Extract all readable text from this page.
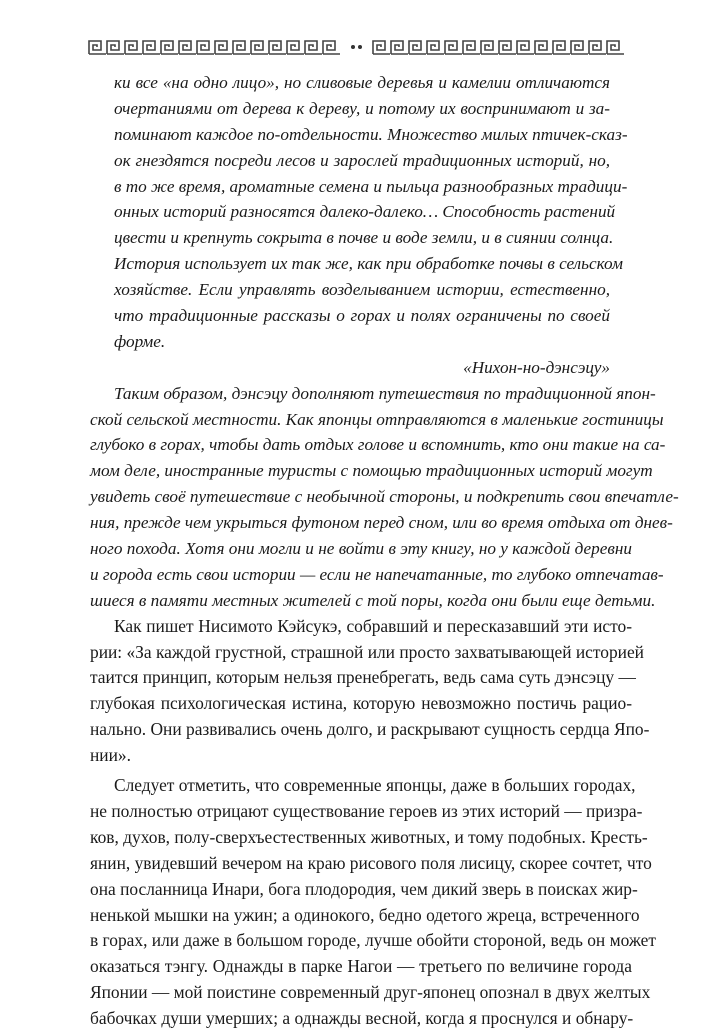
ки все «на одно лицо», но сливовые деревья и камелии отличаются
очертаниями от дерева к дереву, и потому их воспринимают и за-
поминают каждое по-отдельности. Множество милых птичек-сказ-
ок гнездятся посреди лесов и зарослей традиционных историй, но,
в то же время, ароматные семена и пыльца разнообразных традици-
онных историй разносятся далеко-далеко… Способность растений
цвести и крепнуть сокрыта в почве и воде земли, и в сиянии солнца.
История использует их так же, как при обработке почвы в сельском
хозяйстве. Если управлять возделыванием истории, естественно,
что традиционные рассказы о горах и полях ограничены по своей
форме.
«Нихон-но-дэнсэцу»
Таким образом, дэнсэцу дополняют путешествия по традиционной япон-
ской сельской местности. Как японцы отправляются в маленькие гостиницы
глубоко в горах, чтобы дать отдых голове и вспомнить, кто они такие на са-
мом деле, иностранные туристы с помощью традиционных историй могут
увидеть своё путешествие с необычной стороны, и подкрепить свои впечатле-
ния, прежде чем укрыться футоном перед сном, или во время отдыха от днев-
ного похода. Хотя они могли и не войти в эту книгу, но у каждой деревни
и города есть свои истории — если не напечатанные, то глубоко отпечатав-
шиеся в памяти местных жителей с той поры, когда они были еще детьми.
Как пишет Нисимото Кэйсукэ, собравший и пересказавший эти исто-
рии: «За каждой грустной, страшной или просто захватывающей историей
таится принцип, которым нельзя пренебрегать, ведь сама суть дэнсэцу —
глубокая психологическая истина, которую невозможно постичь рацио-
нально. Они развивались очень долго, и раскрывают сущность сердца Япо-
нии».
Следует отметить, что современные японцы, даже в больших городах,
не полностью отрицают существование героев из этих историй — призра-
ков, духов, полу-сверхъестественных животных, и тому подобных. Кресть-
янин, увидевший вечером на краю рисового поля лисицу, скорее сочтет, что
она посланница Инари, бога плодородия, чем дикий зверь в поисках жир-
ненькой мышки на ужин; а одинокого, бедно одетого жреца, встреченного
в горах, или даже в большом городе, лучше обойти стороной, ведь он может
оказаться тэнгу. Однажды в парке Нагои — третьего по величине города
Японии — мой поистине современный друг-японец опознал в двух желтых
бабочках души умерших; а однажды весной, когда я проснулся и обнару-
